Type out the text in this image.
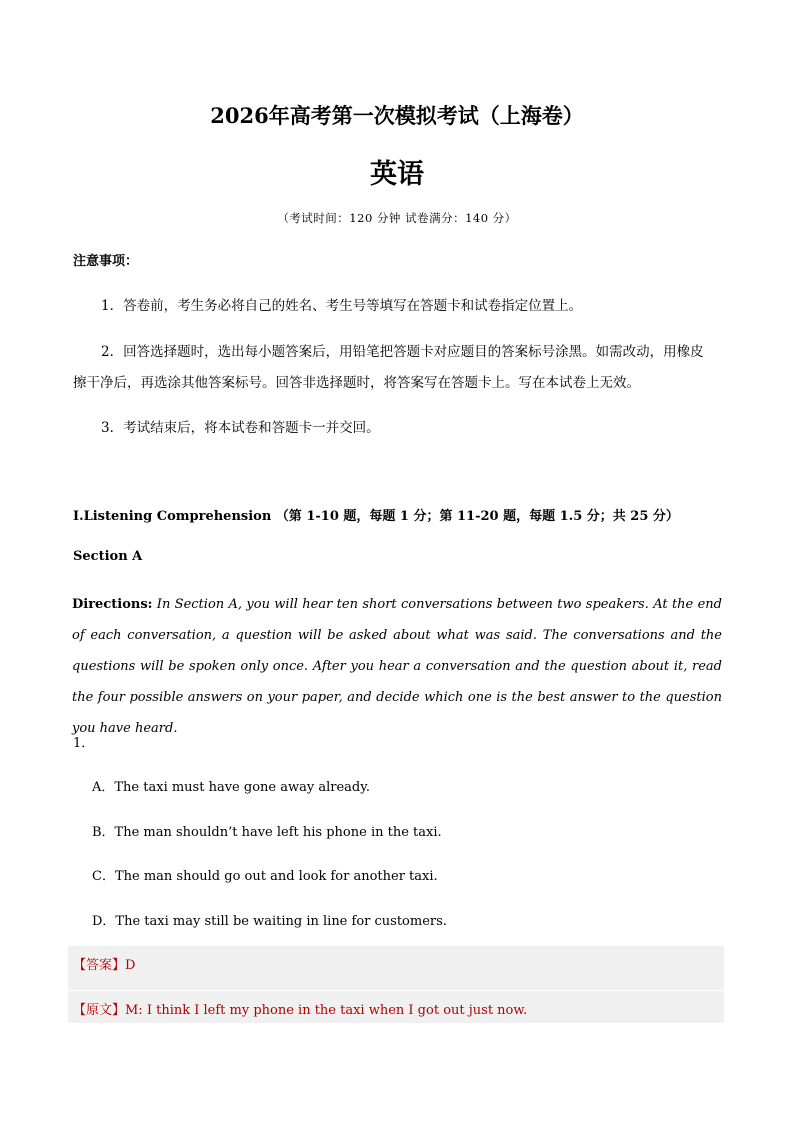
2026年高考第一次模拟考试（上海卷）
英语
（考试时间：120 分钟 试卷满分：140 分）
注意事项：
1．答卷前，考生务必将自己的姓名、考生号等填写在答题卡和试卷指定位置上。
2．回答选择题时，选出每小题答案后，用铅笔把答题卡对应题目的答案标号涂黑。如需改动，用橡皮
擦干净后，再选涂其他答案标号。回答非选择题时，将答案写在答题卡上。写在本试卷上无效。
3．考试结束后，将本试卷和答题卡一并交回。
I.Listening Comprehension （第 1-10 题，每题 1 分；第 11-20 题，每题 1.5 分；共 25 分）
Section A
Directions: In Section A, you will hear ten short conversations between two speakers. At the end of each conversation, a question will be asked about what was said. The conversations and the questions will be spoken only once. After you hear a conversation and the question about it, read the four possible answers on your paper, and decide which one is the best answer to the question you have heard.
1．
A．The taxi must have gone away already.
B．The man shouldn’t have left his phone in the taxi.
C．The man should go out and look for another taxi.
D．The taxi may still be waiting in line for customers.
【答案】D
【原文】M: I think I left my phone in the taxi when I got out just now.
